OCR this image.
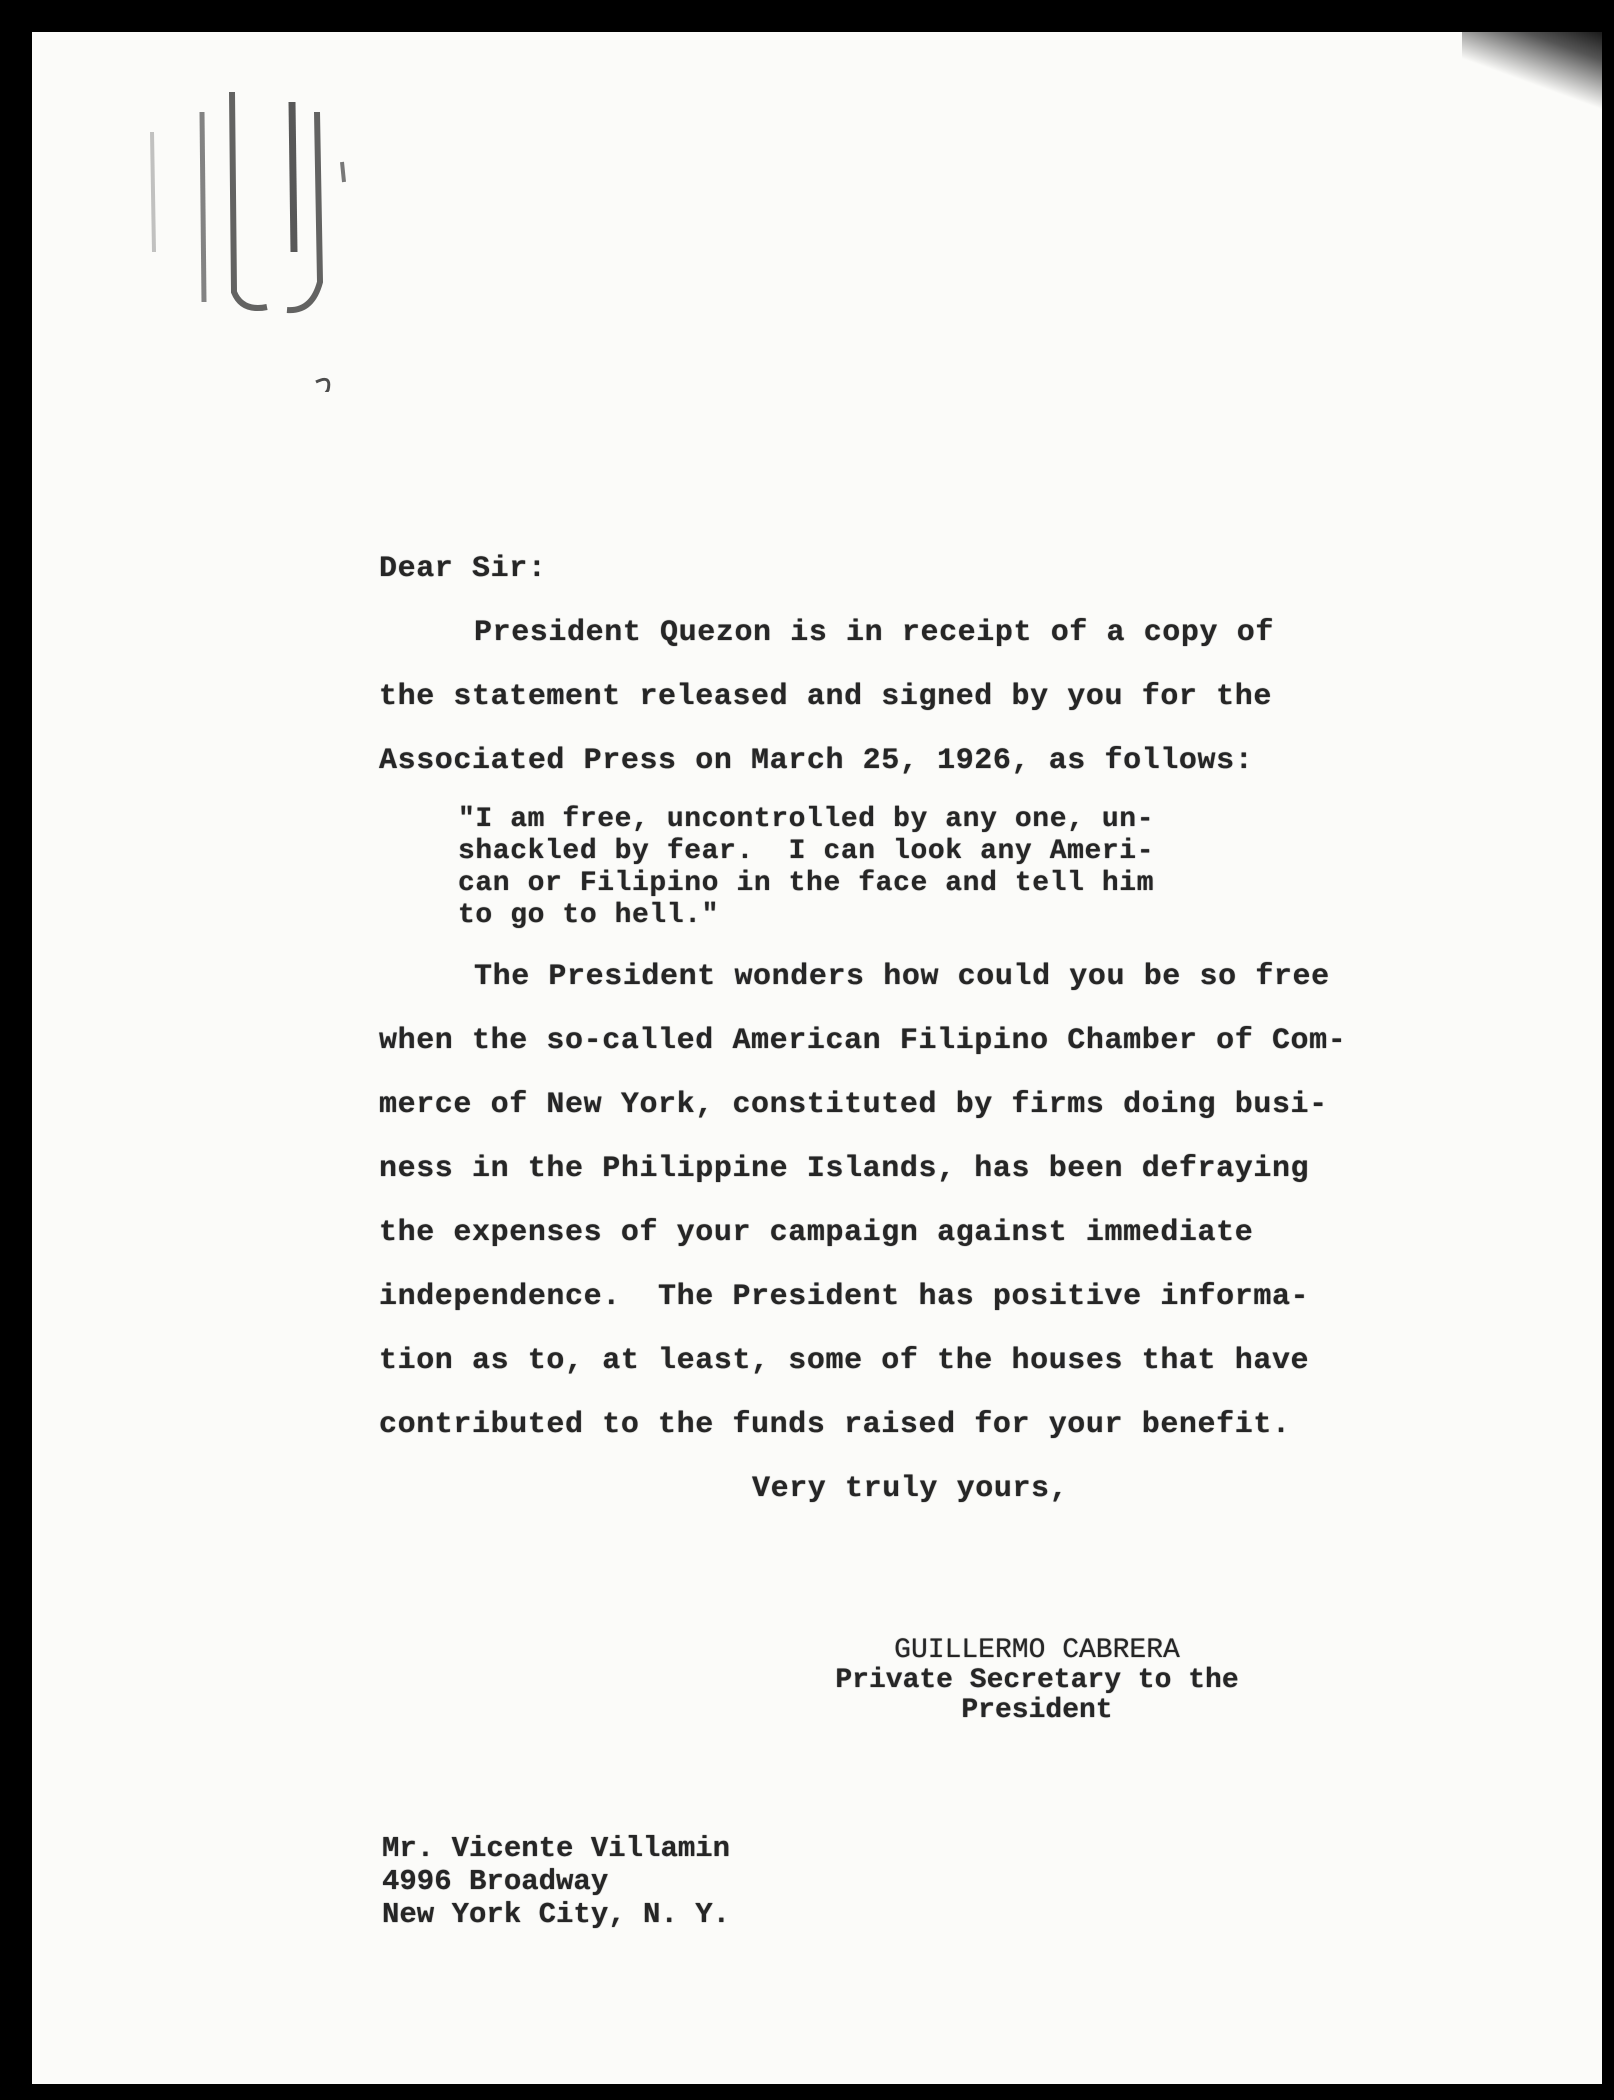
Dear Sir:
President Quezon is in receipt of a copy of
the statement released and signed by you for the
Associated Press on March 25, 1926, as follows:
"I am free, uncontrolled by any one, un-
shackled by fear.  I can look any Ameri-
can or Filipino in the face and tell him
to go to hell."
The President wonders how could you be so free
when the so-called American Filipino Chamber of Com-
merce of New York, constituted by firms doing busi-
ness in the Philippine Islands, has been defraying
the expenses of your campaign against immediate
independence.  The President has positive informa-
tion as to, at least, some of the houses that have
contributed to the funds raised for your benefit.
Very truly yours,
GUILLERMO CABRERA
Private Secretary to the
President
Mr. Vicente Villamin
4996 Broadway
New York City, N. Y.
